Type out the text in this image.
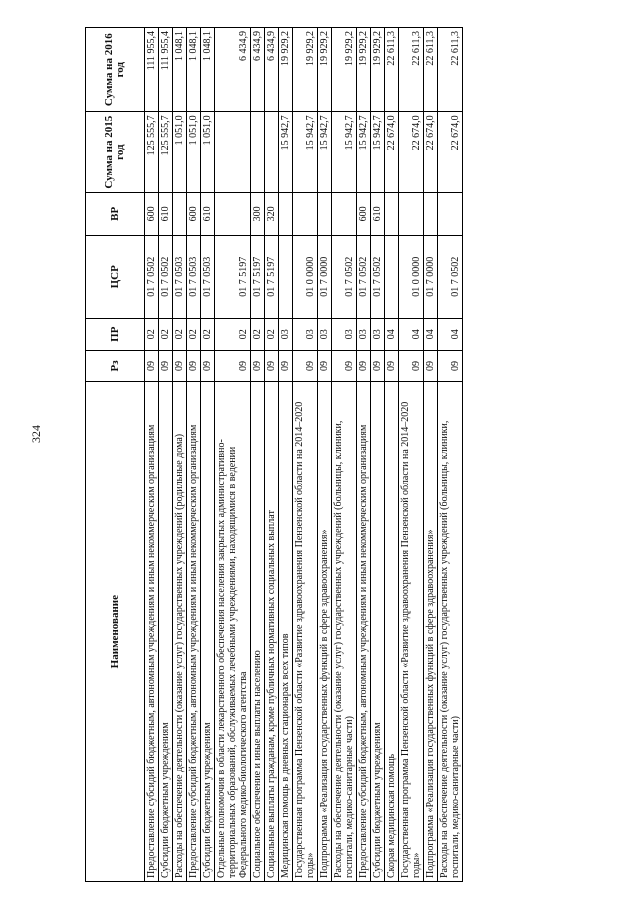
324
Наименование	Рз	ПР	ЦСР	ВР	Сумма на 2015 год	Сумма на 2016 год
Предоставление субсидий бюджетным, автономным учреждениям и иным некоммерческим организациям	09	02	01 7 0502	600	125 555,7	111 955,4
Субсидии бюджетным учреждениям	09	02	01 7 0502	610	125 555,7	111 955,4
Расходы на обеспечение деятельности (оказание услуг) государственных учреждений (родильные дома)	09	02	01 7 0503		1 051,0	1 048,1
Предоставление субсидий бюджетным, автономным учреждениям и иным некоммерческим организациям	09	02	01 7 0503	600	1 051,0	1 048,1
Субсидии бюджетным учреждениям	09	02	01 7 0503	610	1 051,0	1 048,1
Отдельные полномочия в области лекарственного обеспечения населения закрытых административно-территориальных образований, обслуживаемых лечебными учреждениями, находящимися в ведении Федерального медико-биологического агентства	09	02	01 7 5197			6 434,9
Социальное обеспечение и иные выплаты населению	09	02	01 7 5197	300		6 434,9
Социальные выплаты гражданам, кроме публичных нормативных социальных выплат	09	02	01 7 5197	320		6 434,9
Медицинская помощь в дневных стационарах всех типов	09	03			15 942,7	19 929,2
Государственная программа Пензенской области «Развитие здравоохранения Пензенской области на 2014–2020 годы»	09	03	01 0 0000		15 942,7	19 929,2
Подпрограмма «Реализация государственных функций в сфере здравоохранения»	09	03	01 7 0000		15 942,7	19 929,2
Расходы на обеспечение деятельности (оказание услуг) государственных учреждений (больницы, клиники, госпитали, медико-санитарные части)	09	03	01 7 0502		15 942,7	19 929,2
Предоставление субсидий бюджетным, автономным учреждениям и иным некоммерческим организациям	09	03	01 7 0502	600	15 942,7	19 929,2
Субсидии бюджетным учреждениям	09	03	01 7 0502	610	15 942,7	19 929,2
Скорая медицинская помощь	09	04			22 674,0	22 611,3
Государственная программа Пензенской области «Развитие здравоохранения Пензенской области на 2014–2020 годы»	09	04	01 0 0000		22 674,0	22 611,3
Подпрограмма «Реализация государственных функций в сфере здравоохранения»	09	04	01 7 0000		22 674,0	22 611,3
Расходы на обеспечение деятельности (оказание услуг) государственных учреждений (больницы, клиники, госпитали, медико-санитарные части)	09	04	01 7 0502		22 674,0	22 611,3
